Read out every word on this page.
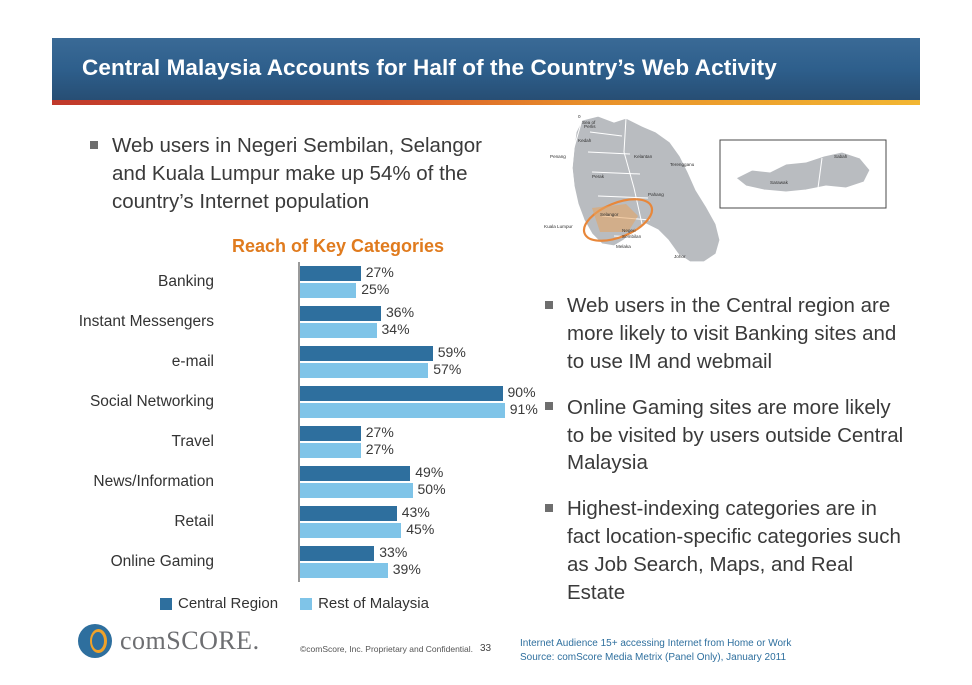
Central Malaysia Accounts for Half of the Country’s Web Activity
Web users in Negeri Sembilan, Selangor and Kuala Lumpur make up 54% of the country’s Internet population
Reach of Key Categories
Banking
Instant Messengers
e-mail
Social Networking
Travel
News/Information
Retail
Online Gaming
27%
25%
36%
34%
59%
57%
90%
91%
27%
27%
49%
50%
43%
45%
33%
39%
Central Region	Rest of Malaysia
Perlis
Kedah
Penang
Perak
Kelantan
Terengganu
Pahang
Selangor
Kuala Lumpur
Negeri
Sembilan
Melaka
Johor
0
Sea of
Sabah
Sarawak
Web users in the Central region are more likely to visit Banking sites and to use IM and webmail
Online Gaming sites are more likely to be visited by users outside Central Malaysia
Highest-indexing categories are in fact location-specific categories such as Job Search, Maps, and Real Estate
comSCORE.	©comScore, Inc. Proprietary and Confidential. 33	Internet Audience 15+ accessing Internet from Home or Work
Source: comScore Media Metrix (Panel Only), January 2011
